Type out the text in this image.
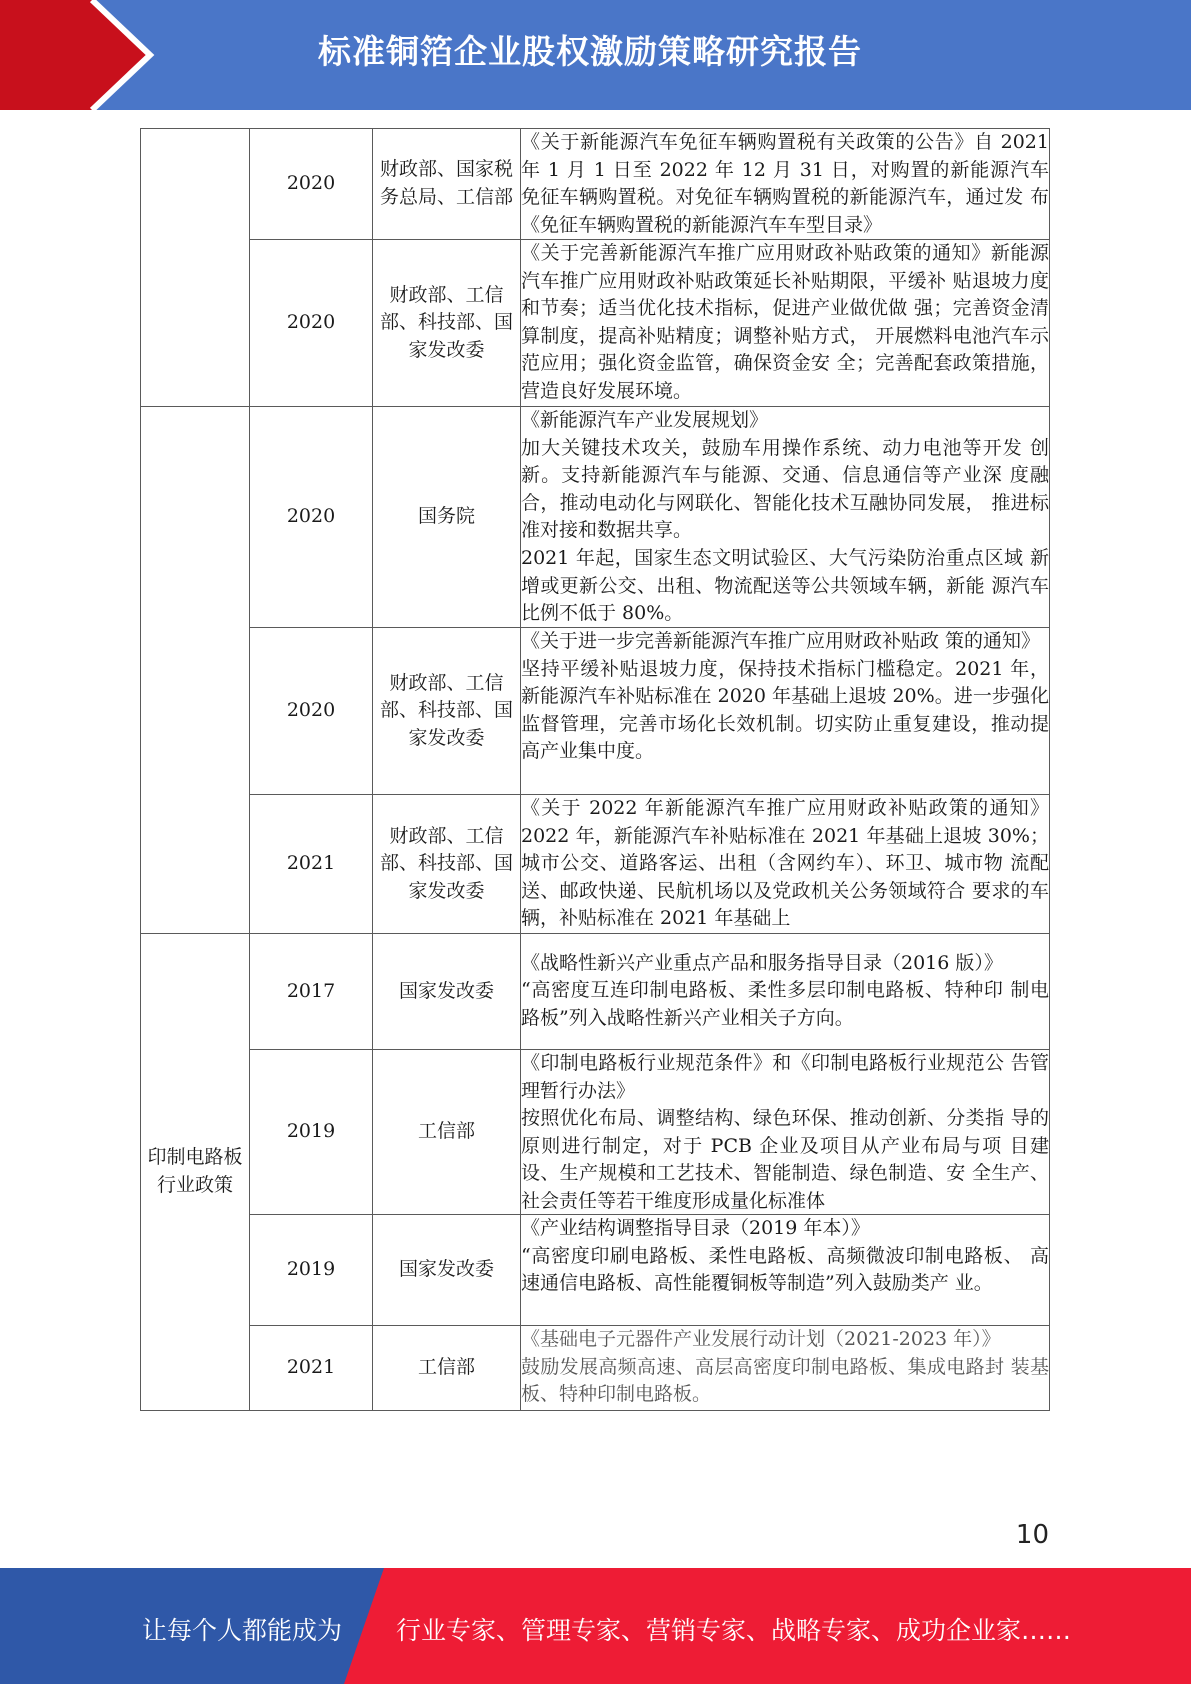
标准铜箔企业股权激励策略研究报告
	2020	财政部、国家税务总局、工信部	《关于新能源汽车免征车辆购置税有关政策的公告》自 2021 年 1 月 1 日至 2022 年 12 月 31 日，对购置的新能源汽车 免征车辆购置税。对免征车辆购置税的新能源汽车，通过发 布《免征车辆购置税的新能源汽车车型目录》

	2020	财政部、工信部、科技部、国 家发改委	《关于完善新能源汽车推广应用财政补贴政策的通知》新能源汽车推广应用财政补贴政策延长补贴期限，平缓补 贴退坡力度和节奏；适当优化技术指标，促进产业做优做 强；完善资金清算制度，提高补贴精度；调整补贴方式， 开展燃料电池汽车示范应用；强化资金监管，确保资金安 全；完善配套政策措施，营造良好发展环境。

	2020	国务院	《新能源汽车产业发展规划》

加大关键技术攻关，鼓励车用操作系统、动力电池等开发 创新。支持新能源汽车与能源、交通、信息通信等产业深 度融合，推动电动化与网联化、智能化技术互融协同发展， 推进标准对接和数据共享。

2021 年起，国家生态文明试验区、大气污染防治重点区域 新增或更新公交、出租、物流配送等公共领域车辆，新能 源汽车比例不低于 80%。

	2020	财政部、工信部、科技部、国 家发改委	《关于进一步完善新能源汽车推广应用财政补贴政 策的通知》

坚持平缓补贴退坡力度，保持技术指标门槛稳定。2021 年，新能源汽车补贴标准在 2020 年基础上退坡 20%。进一步强化监督管理，完善市场化长效机制。切实防止重复建设，推动提高产业集中度。

	2021	财政部、工信部、科技部、国 家发改委	《关于 2022 年新能源汽车推广应用财政补贴政策的通知》 2022 年，新能源汽车补贴标准在 2021 年基础上退坡 30%； 城市公交、道路客运、出租（含网约车）、环卫、城市物 流配送、邮政快递、民航机场以及党政机关公务领域符合 要求的车辆，补贴标准在 2021 年基础上

印制电路板行业政策	2017	国家发改委	《战略性新兴产业重点产品和服务指导目录（2016 版）》

“高密度互连印制电路板、柔性多层印制电路板、特种印 制电路板”列入战略性新兴产业相关子方向。

	2019	工信部	《印制电路板行业规范条件》和《印制电路板行业规范公 告管理暂行办法》

按照优化布局、调整结构、绿色环保、推动创新、分类指 导的原则进行制定，对于 PCB 企业及项目从产业布局与项 目建设、生产规模和工艺技术、智能制造、绿色制造、安 全生产、社会责任等若干维度形成量化标准体

	2019	国家发改委	《产业结构调整指导目录（2019 年本）》

“高密度印刷电路板、柔性电路板、高频微波印制电路板、 高速通信电路板、高性能覆铜板等制造”列入鼓励类产 业。

	2021	工信部	《基础电子元器件产业发展行动计划（2021-2023 年）》

鼓励发展高频高速、高层高密度印制电路板、集成电路封 装基板、特种印制电路板。

10
让每个人都能成为 行业专家、管理专家、营销专家、战略专家、成功企业家……
